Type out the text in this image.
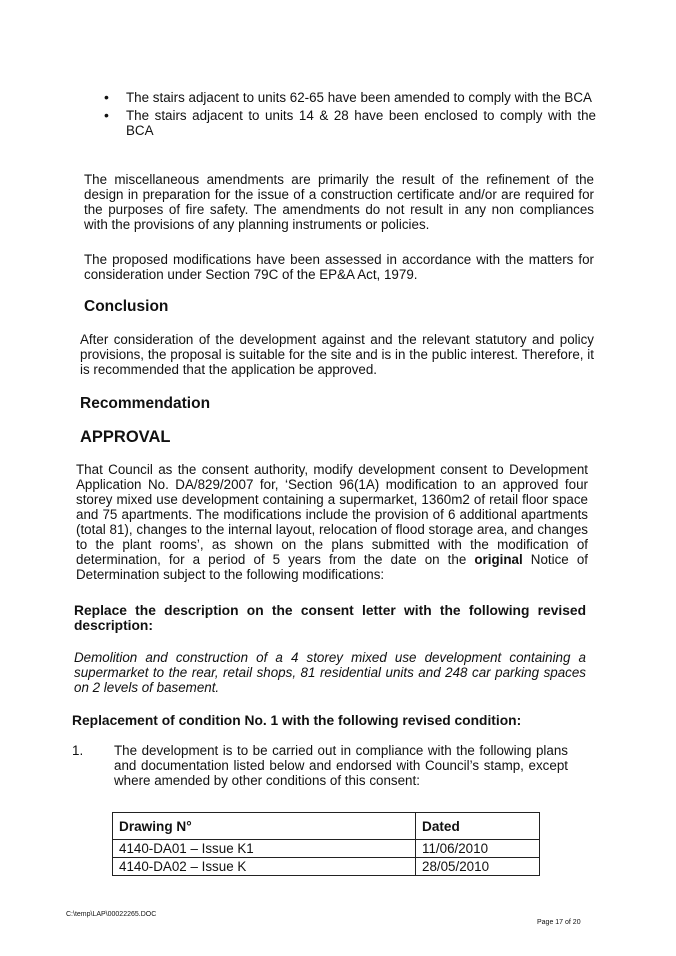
• The stairs adjacent to units 62-65 have been amended to comply with the BCA
• The stairs adjacent to units 14 & 28 have been enclosed to comply with the BCA
The miscellaneous amendments are primarily the result of the refinement of the design in preparation for the issue of a construction certificate and/or are required for the purposes of fire safety. The amendments do not result in any non compliances with the provisions of any planning instruments or policies.
The proposed modifications have been assessed in accordance with the matters for consideration under Section 79C of the EP&A Act, 1979.
Conclusion
After consideration of the development against and the relevant statutory and policy provisions, the proposal is suitable for the site and is in the public interest. Therefore, it is recommended that the application be approved.
Recommendation
APPROVAL
That Council as the consent authority, modify development consent to Development Application No. DA/829/2007 for, ‘Section 96(1A) modification to an approved four storey mixed use development containing a supermarket, 1360m2 of retail floor space and 75 apartments. The modifications include the provision of 6 additional apartments (total 81), changes to the internal layout, relocation of flood storage area, and changes to the plant rooms’, as shown on the plans submitted with the modification of determination, for a period of 5 years from the date on the original Notice of Determination subject to the following modifications:
Replace the description on the consent letter with the following revised description:
Demolition and construction of a 4 storey mixed use development containing a supermarket to the rear, retail shops, 81 residential units and 248 car parking spaces on 2 levels of basement.
Replacement of condition No. 1 with the following revised condition:
1. The development is to be carried out in compliance with the following plans and documentation listed below and endorsed with Council’s stamp, except where amended by other conditions of this consent:
Drawing N°	Dated
4140-DA01 – Issue K1	11/06/2010
4140-DA02 – Issue K	28/05/2010
C:\temp\LAP\00022265.DOC
Page 17 of 20
